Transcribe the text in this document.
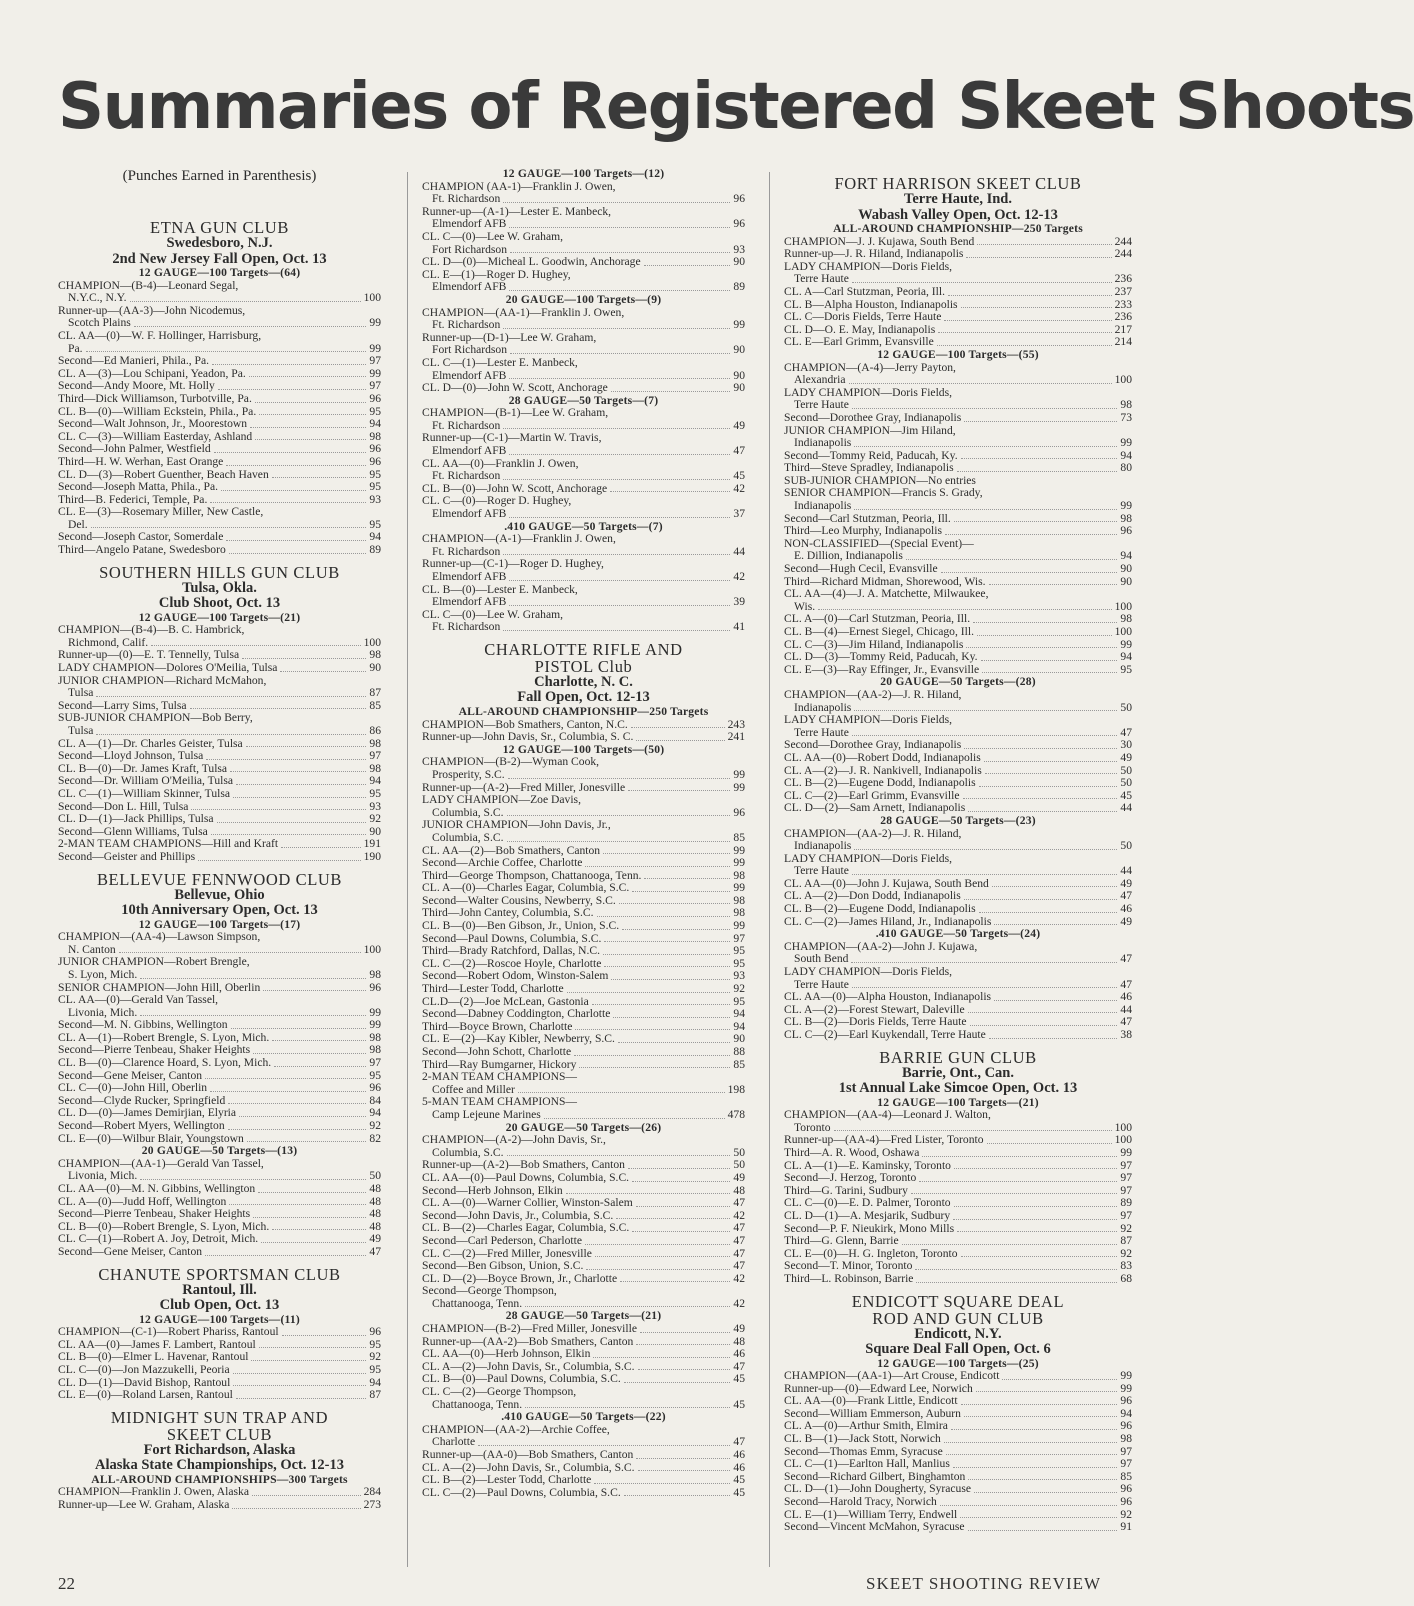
Summaries of Registered Skeet Shoots
(Punches Earned in Parenthesis)
ETNA GUN CLUB
Swedesboro, N.J.
2nd New Jersey Fall Open, Oct. 13
12 GAUGE—100 Targets—(64)
CHAMPION—(B-4)—Leonard Segal,
N.Y.C., N.Y.	100
Runner-up—(AA-3)—John Nicodemus,
Scotch Plains	99
CL. AA—(0)—W. F. Hollinger, Harrisburg,
Pa.	99
Second—Ed Manieri, Phila., Pa.	97
CL. A—(3)—Lou Schipani, Yeadon, Pa.	99
Second—Andy Moore, Mt. Holly	97
Third—Dick Williamson, Turbotville, Pa.	96
CL. B—(0)—William Eckstein, Phila., Pa.	95
Second—Walt Johnson, Jr., Moorestown	94
CL. C—(3)—William Easterday, Ashland	98
Second—John Palmer, Westfield	96
Third—H. W. Werhan, East Orange	96
CL. D—(3)—Robert Guenther, Beach Haven	95
Second—Joseph Matta, Phila., Pa.	95
Third—B. Federici, Temple, Pa.	93
CL. E—(3)—Rosemary Miller, New Castle,
Del.	95
Second—Joseph Castor, Somerdale	94
Third—Angelo Patane, Swedesboro	89
SOUTHERN HILLS GUN CLUB
Tulsa, Okla.
Club Shoot, Oct. 13
12 GAUGE—100 Targets—(21)
CHAMPION—(B-4)—B. C. Hambrick,
Richmond, Calif.	100
Runner-up—(0)—E. T. Tennelly, Tulsa	98
LADY CHAMPION—Dolores O'Meilia, Tulsa	90
JUNIOR CHAMPION—Richard McMahon,
Tulsa	87
Second—Larry Sims, Tulsa	85
SUB-JUNIOR CHAMPION—Bob Berry,
Tulsa	86
CL. A—(1)—Dr. Charles Geister, Tulsa	98
Second—Lloyd Johnson, Tulsa	97
CL. B—(0)—Dr. James Kraft, Tulsa	98
Second—Dr. William O'Meilia, Tulsa	94
CL. C—(1)—William Skinner, Tulsa	95
Second—Don L. Hill, Tulsa	93
CL. D—(1)—Jack Phillips, Tulsa	92
Second—Glenn Williams, Tulsa	90
2-MAN TEAM CHAMPIONS—Hill and Kraft	191
Second—Geister and Phillips	190
BELLEVUE FENNWOOD CLUB
Bellevue, Ohio
10th Anniversary Open, Oct. 13
12 GAUGE—100 Targets—(17)
CHAMPION—(AA-4)—Lawson Simpson,
N. Canton	100
JUNIOR CHAMPION—Robert Brengle,
S. Lyon, Mich.	98
SENIOR CHAMPION—John Hill, Oberlin	96
CL. AA—(0)—Gerald Van Tassel,
Livonia, Mich.	99
Second—M. N. Gibbins, Wellington	99
CL. A—(1)—Robert Brengle, S. Lyon, Mich.	98
Second—Pierre Tenbeau, Shaker Heights	98
CL. B—(0)—Clarence Hoard, S. Lyon, Mich.	97
Second—Gene Meiser, Canton	95
CL. C—(0)—John Hill, Oberlin	96
Second—Clyde Rucker, Springfield	84
CL. D—(0)—James Demirjian, Elyria	94
Second—Robert Myers, Wellington	92
CL. E—(0)—Wilbur Blair, Youngstown	82
20 GAUGE—50 Targets—(13)
CHAMPION—(AA-1)—Gerald Van Tassel,
Livonia, Mich.	50
CL. AA—(0)—M. N. Gibbins, Wellington	48
CL. A—(0)—Judd Hoff, Wellington	48
Second—Pierre Tenbeau, Shaker Heights	48
CL. B—(0)—Robert Brengle, S. Lyon, Mich.	48
CL. C—(1)—Robert A. Joy, Detroit, Mich.	49
Second—Gene Meiser, Canton	47
CHANUTE SPORTSMAN CLUB
Rantoul, Ill.
Club Open, Oct. 13
12 GAUGE—100 Targets—(11)
CHAMPION—(C-1)—Robert Phariss, Rantoul	96
CL. AA—(0)—James F. Lambert, Rantoul	95
CL. B—(0)—Elmer L. Havenar, Rantoul	92
CL. C—(0)—Jon Mazzukelli, Peoria	95
CL. D—(1)—David Bishop, Rantoul	94
CL. E—(0)—Roland Larsen, Rantoul	87
MIDNIGHT SUN TRAP AND
SKEET CLUB
Fort Richardson, Alaska
Alaska State Championships, Oct. 12-13
ALL-AROUND CHAMPIONSHIPS—300 Targets
CHAMPION—Franklin J. Owen, Alaska	284
Runner-up—Lee W. Graham, Alaska	273
12 GAUGE—100 Targets—(12)
CHAMPION (AA-1)—Franklin J. Owen,
Ft. Richardson	96
Runner-up—(A-1)—Lester E. Manbeck,
Elmendorf AFB	96
CL. C—(0)—Lee W. Graham,
Fort Richardson	93
CL. D—(0)—Micheal L. Goodwin, Anchorage	90
CL. E—(1)—Roger D. Hughey,
Elmendorf AFB	89
20 GAUGE—100 Targets—(9)
CHAMPION—(AA-1)—Franklin J. Owen,
Ft. Richardson	99
Runner-up—(D-1)—Lee W. Graham,
Fort Richardson	90
CL. C—(1)—Lester E. Manbeck,
Elmendorf AFB	90
CL. D—(0)—John W. Scott, Anchorage	90
28 GAUGE—50 Targets—(7)
CHAMPION—(B-1)—Lee W. Graham,
Ft. Richardson	49
Runner-up—(C-1)—Martin W. Travis,
Elmendorf AFB	47
CL. AA—(0)—Franklin J. Owen,
Ft. Richardson	45
CL. B—(0)—John W. Scott, Anchorage	42
CL. C—(0)—Roger D. Hughey,
Elmendorf AFB	37
.410 GAUGE—50 Targets—(7)
CHAMPION—(A-1)—Franklin J. Owen,
Ft. Richardson	44
Runner-up—(C-1)—Roger D. Hughey,
Elmendorf AFB	42
CL. B—(0)—Lester E. Manbeck,
Elmendorf AFB	39
CL. C—(0)—Lee W. Graham,
Ft. Richardson	41
CHARLOTTE RIFLE AND
PISTOL Club
Charlotte, N. C.
Fall Open, Oct. 12-13
ALL-AROUND CHAMPIONSHIP—250 Targets
CHAMPION—Bob Smathers, Canton, N.C.	243
Runner-up—John Davis, Sr., Columbia, S. C.	241
12 GAUGE—100 Targets—(50)
CHAMPION—(B-2)—Wyman Cook,
Prosperity, S.C.	99
Runner-up—(A-2)—Fred Miller, Jonesville	99
LADY CHAMPION—Zoe Davis,
Columbia, S.C.	96
JUNIOR CHAMPION—John Davis, Jr.,
Columbia, S.C.	85
CL. AA—(2)—Bob Smathers, Canton	99
Second—Archie Coffee, Charlotte	99
Third—George Thompson, Chattanooga, Tenn.	98
CL. A—(0)—Charles Eagar, Columbia, S.C.	99
Second—Walter Cousins, Newberry, S.C.	98
Third—John Cantey, Columbia, S.C.	98
CL. B—(0)—Ben Gibson, Jr., Union, S.C.	99
Second—Paul Downs, Columbia, S.C.	97
Third—Brady Ratchford, Dallas, N.C.	95
CL. C—(2)—Roscoe Hoyle, Charlotte	95
Second—Robert Odom, Winston-Salem	93
Third—Lester Todd, Charlotte	92
CL.D—(2)—Joe McLean, Gastonia	95
Second—Dabney Coddington, Charlotte	94
Third—Boyce Brown, Charlotte	94
CL. E—(2)—Kay Kibler, Newberry, S.C.	90
Second—John Schott, Charlotte	88
Third—Ray Bumgarner, Hickory	85
2-MAN TEAM CHAMPIONS—
Coffee and Miller	198
5-MAN TEAM CHAMPIONS—
Camp Lejeune Marines	478
20 GAUGE—50 Targets—(26)
CHAMPION—(A-2)—John Davis, Sr.,
Columbia, S.C.	50
Runner-up—(A-2)—Bob Smathers, Canton	50
CL. AA—(0)—Paul Downs, Columbia, S.C.	49
Second—Herb Johnson, Elkin	48
CL. A—(0)—Warner Collier, Winston-Salem	47
Second—John Davis, Jr., Columbia, S.C.	42
CL. B—(2)—Charles Eagar, Columbia, S.C.	47
Second—Carl Pederson, Charlotte	47
CL. C—(2)—Fred Miller, Jonesville	47
Second—Ben Gibson, Union, S.C.	47
CL. D—(2)—Boyce Brown, Jr., Charlotte	42
Second—George Thompson,
Chattanooga, Tenn.	42
28 GAUGE—50 Targets—(21)
CHAMPION—(B-2)—Fred Miller, Jonesville	49
Runner-up—(AA-2)—Bob Smathers, Canton	48
CL. AA—(0)—Herb Johnson, Elkin	46
CL. A—(2)—John Davis, Sr., Columbia, S.C.	47
CL. B—(0)—Paul Downs, Columbia, S.C.	45
CL. C—(2)—George Thompson,
Chattanooga, Tenn.	45
.410 GAUGE—50 Targets—(22)
CHAMPION—(AA-2)—Archie Coffee,
Charlotte	47
Runner-up—(AA-0)—Bob Smathers, Canton	46
CL. A—(2)—John Davis, Sr., Columbia, S.C.	46
CL. B—(2)—Lester Todd, Charlotte	45
CL. C—(2)—Paul Downs, Columbia, S.C.	45
FORT HARRISON SKEET CLUB
Terre Haute, Ind.
Wabash Valley Open, Oct. 12-13
ALL-AROUND CHAMPIONSHIP—250 Targets
CHAMPION—J. J. Kujawa, South Bend	244
Runner-up—J. R. Hiland, Indianapolis	244
LADY CHAMPION—Doris Fields,
Terre Haute	236
CL. A—Carl Stutzman, Peoria, Ill.	237
CL. B—Alpha Houston, Indianapolis	233
CL. C—Doris Fields, Terre Haute	236
CL. D—O. E. May, Indianapolis	217
CL. E—Earl Grimm, Evansville	214
12 GAUGE—100 Targets—(55)
CHAMPION—(A-4)—Jerry Payton,
Alexandria	100
LADY CHAMPION—Doris Fields,
Terre Haute	98
Second—Dorothee Gray, Indianapolis	73
JUNIOR CHAMPION—Jim Hiland,
Indianapolis	99
Second—Tommy Reid, Paducah, Ky.	94
Third—Steve Spradley, Indianapolis	80
SUB-JUNIOR CHAMPION—No entries
SENIOR CHAMPION—Francis S. Grady,
Indianapolis	99
Second—Carl Stutzman, Peoria, Ill.	98
Third—Leo Murphy, Indianapolis	96
NON-CLASSIFIED—(Special Event)—
E. Dillion, Indianapolis	94
Second—Hugh Cecil, Evansville	90
Third—Richard Midman, Shorewood, Wis.	90
CL. AA—(4)—J. A. Matchette, Milwaukee,
Wis.	100
CL. A—(0)—Carl Stutzman, Peoria, Ill.	98
CL. B—(4)—Ernest Siegel, Chicago, Ill.	100
CL. C—(3)—Jim Hiland, Indianapolis	99
CL. D—(3)—Tommy Reid, Paducah, Ky.	94
CL. E—(3)—Ray Effinger, Jr., Evansville	95
20 GAUGE—50 Targets—(28)
CHAMPION—(AA-2)—J. R. Hiland,
Indianapolis	50
LADY CHAMPION—Doris Fields,
Terre Haute	47
Second—Dorothee Gray, Indianapolis	30
CL. AA—(0)—Robert Dodd, Indianapolis	49
CL. A—(2)—J. R. Nankivell, Indianapolis	50
CL. B—(2)—Eugene Dodd, Indianapolis	50
CL. C—(2)—Earl Grimm, Evansville	45
CL. D—(2)—Sam Arnett, Indianapolis	44
28 GAUGE—50 Targets—(23)
CHAMPION—(AA-2)—J. R. Hiland,
Indianapolis	50
LADY CHAMPION—Doris Fields,
Terre Haute	44
CL. AA—(0)—John J. Kujawa, South Bend	49
CL. A—(2)—Don Dodd, Indianapolis	47
CL. B—(2)—Eugene Dodd, Indianapolis	46
CL. C—(2)—James Hiland, Jr., Indianapolis	49
.410 GAUGE—50 Targets—(24)
CHAMPION—(AA-2)—John J. Kujawa,
South Bend	47
LADY CHAMPION—Doris Fields,
Terre Haute	47
CL. AA—(0)—Alpha Houston, Indianapolis	46
CL. A—(2)—Forest Stewart, Daleville	44
CL. B—(2)—Doris Fields, Terre Haute	47
CL. C—(2)—Earl Kuykendall, Terre Haute	38
BARRIE GUN CLUB
Barrie, Ont., Can.
1st Annual Lake Simcoe Open, Oct. 13
12 GAUGE—100 Targets—(21)
CHAMPION—(AA-4)—Leonard J. Walton,
Toronto	100
Runner-up—(AA-4)—Fred Lister, Toronto	100
Third—A. R. Wood, Oshawa	99
CL. A—(1)—E. Kaminsky, Toronto	97
Second—J. Herzog, Toronto	97
Third—G. Tarini, Sudbury	97
CL. C—(0)—E. D. Palmer, Toronto	89
CL. D—(1)—A. Mesjarik, Sudbury	97
Second—P. F. Nieukirk, Mono Mills	92
Third—G. Glenn, Barrie	87
CL. E—(0)—H. G. Ingleton, Toronto	92
Second—T. Minor, Toronto	83
Third—L. Robinson, Barrie	68
ENDICOTT SQUARE DEAL
ROD AND GUN CLUB
Endicott, N.Y.
Square Deal Fall Open, Oct. 6
12 GAUGE—100 Targets—(25)
CHAMPION—(AA-1)—Art Crouse, Endicott	99
Runner-up—(0)—Edward Lee, Norwich	99
CL. AA—(0)—Frank Little, Endicott	96
Second—William Emmerson, Auburn	94
CL. A—(0)—Arthur Smith, Elmira	96
CL. B—(1)—Jack Stott, Norwich	98
Second—Thomas Emm, Syracuse	97
CL. C—(1)—Earlton Hall, Manlius	97
Second—Richard Gilbert, Binghamton	85
CL. D—(1)—John Dougherty, Syracuse	96
Second—Harold Tracy, Norwich	96
CL. E—(1)—William Terry, Endwell	92
Second—Vincent McMahon, Syracuse	91
22	SKEET SHOOTING REVIEW
